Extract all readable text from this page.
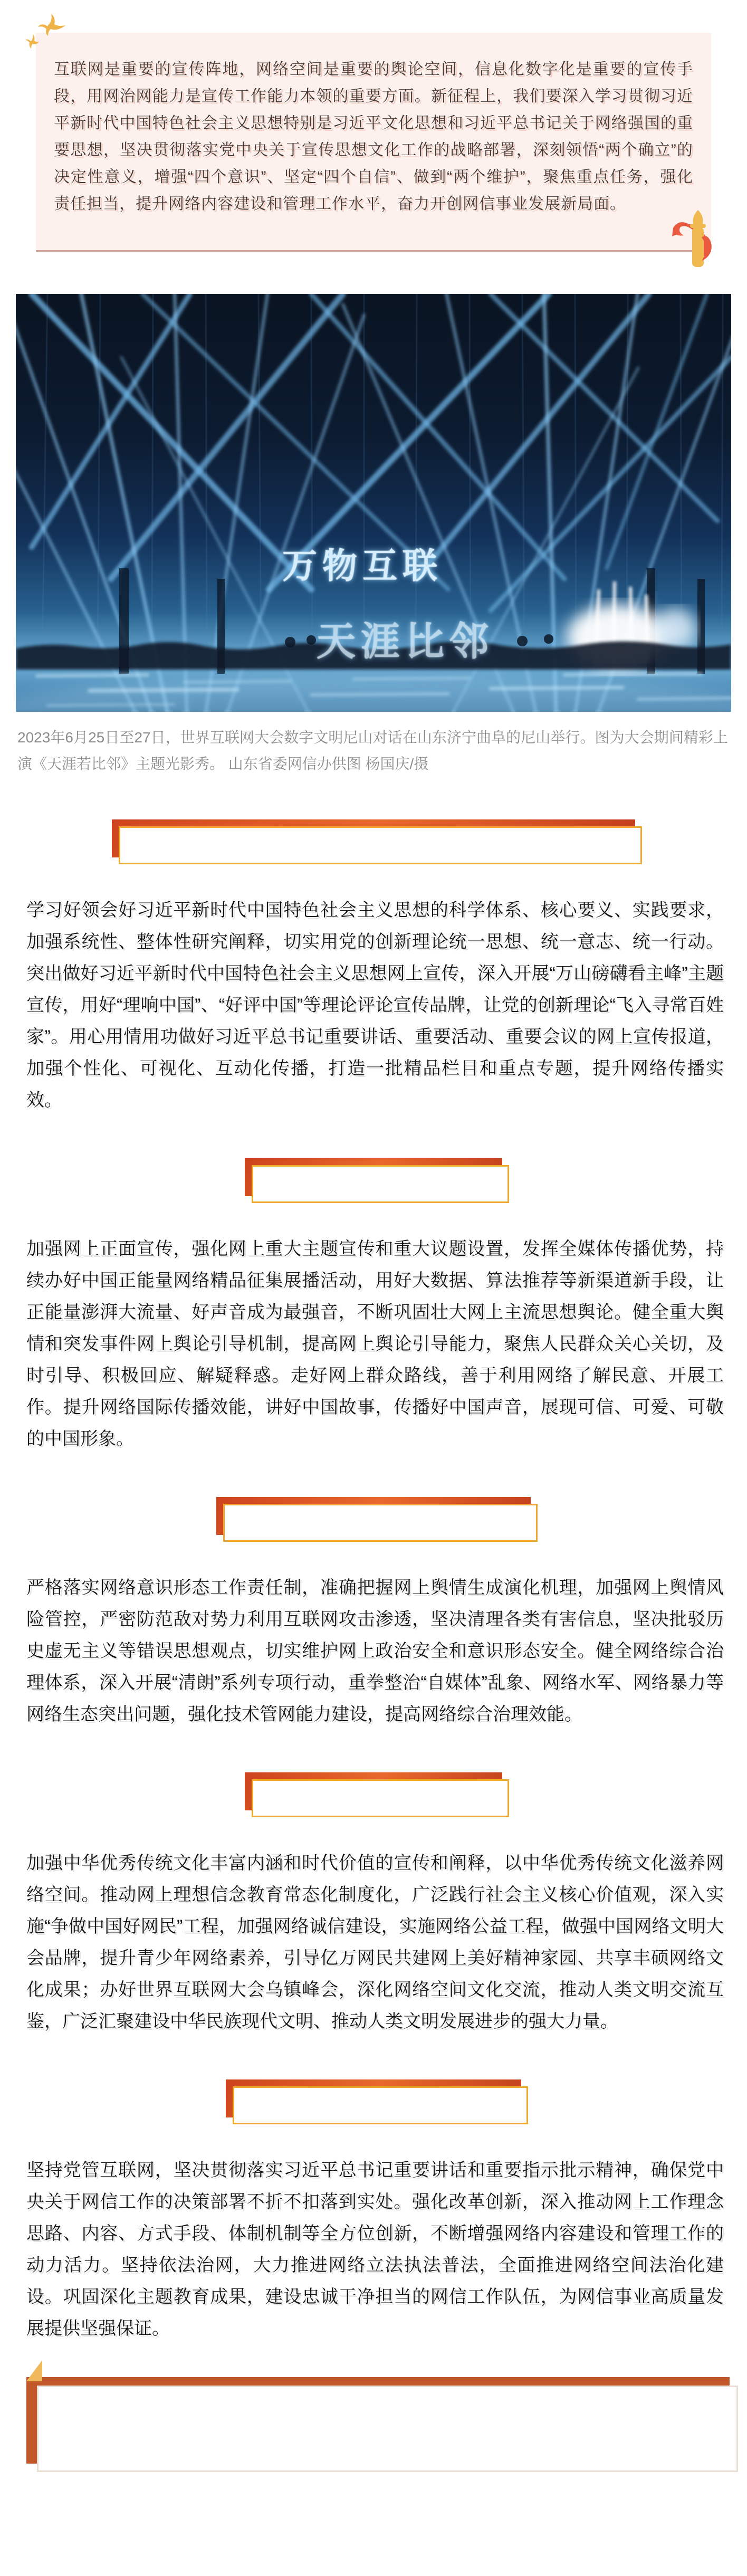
互联网是重要的宣传阵地，网络空间是重要的舆论空间，信息化数字化是重要的宣传手段，用网治网能力是宣传工作能力本领的重要方面。新征程上，我们要深入学习贯彻习近平新时代中国特色社会主义思想特别是习近平文化思想和习近平总书记关于网络强国的重要思想，坚决贯彻落实党中央关于宣传思想文化工作的战略部署，深刻领悟“两个确立”的决定性意义，增强“四个意识”、坚定“四个自信”、做到“两个维护”，聚焦重点任务，强化责任担当，提升网络内容建设和管理工作水平，奋力开创网信事业发展新局面。
万物互联
天涯比邻
2023年6月25日至27日，世界互联网大会数字文明尼山对话在山东济宁曲阜的尼山举行。图为大会期间精彩上演《天涯若比邻》主题光影秀。 山东省委网信办供图 杨国庆/摄
坚持不懈用习近平新时代中国特色社会主义思想凝心铸魂
学习好领会好习近平新时代中国特色社会主义思想的科学体系、核心要义、实践要求，加强系统性、整体性研究阐释，切实用党的创新理论统一思想、统一意志、统一行动。突出做好习近平新时代中国特色社会主义思想网上宣传，深入开展“万山磅礴看主峰”主题宣传，用好“理响中国”、“好评中国”等理论评论宣传品牌，让党的创新理论“飞入寻常百姓家”。用心用情用功做好习近平总书记重要讲话、重要活动、重要会议的网上宣传报道，加强个性化、可视化、互动化传播，打造一批精品栏目和重点专题，提升网络传播实效。
塑造网上主流舆论新格局
加强网上正面宣传，强化网上重大主题宣传和重大议题设置，发挥全媒体传播优势，持续办好中国正能量网络精品征集展播活动，用好大数据、算法推荐等新渠道新手段，让正能量澎湃大流量、好声音成为最强音，不断巩固壮大网上主流思想舆论。健全重大舆情和突发事件网上舆论引导机制，提高网上舆论引导能力，聚焦人民群众关心关切，及时引导、积极回应、解疑释惑。走好网上群众路线，善于利用网络了解民意、开展工作。提升网络国际传播效能，讲好中国故事，传播好中国声音，展现可信、可爱、可敬的中国形象。
有效防范化解网络意识形态风险
严格落实网络意识形态工作责任制，准确把握网上舆情生成演化机理，加强网上舆情风险管控，严密防范敌对势力利用互联网攻击渗透，坚决清理各类有害信息，坚决批驳历史虚无主义等错误思想观点，切实维护网上政治安全和意识形态安全。健全网络综合治理体系，深入开展“清朗”系列专项行动，重拳整治“自媒体”乱象、网络水军、网络暴力等网络生态突出问题，强化技术管网能力建设，提高网络综合治理效能。
拓展网络文明建设新空间
加强中华优秀传统文化丰富内涵和时代价值的宣传和阐释，以中华优秀传统文化滋养网络空间。推动网上理想信念教育常态化制度化，广泛践行社会主义核心价值观，深入实施“争做中国好网民”工程，加强网络诚信建设，实施网络公益工程，做强中国网络文明大会品牌，提升青少年网络素养，引导亿万网民共建网上美好精神家园、共享丰硕网络文化成果；办好世界互联网大会乌镇峰会，深化网络空间文化交流，推动人类文明交流互鉴，广泛汇聚建设中华民族现代文明、推动人类文明发展进步的强大力量。
加强党对网信工作的全面领导
坚持党管互联网，坚决贯彻落实习近平总书记重要讲话和重要指示批示精神，确保党中央关于网信工作的决策部署不折不扣落到实处。强化改革创新，深入推动网上工作理念思路、内容、方式手段、体制机制等全方位创新，不断增强网络内容建设和管理工作的动力活力。坚持依法治网，大力推进网络立法执法普法，全面推进网络空间法治化建设。巩固深化主题教育成果，建设忠诚干净担当的网信工作队伍，为网信事业高质量发展提供坚强保证。
更多精彩内容详见：中央网络安全和信息化委员会办公室室务会《高举旗帜坚定文化自信 勇担使命贡献网信力量》
